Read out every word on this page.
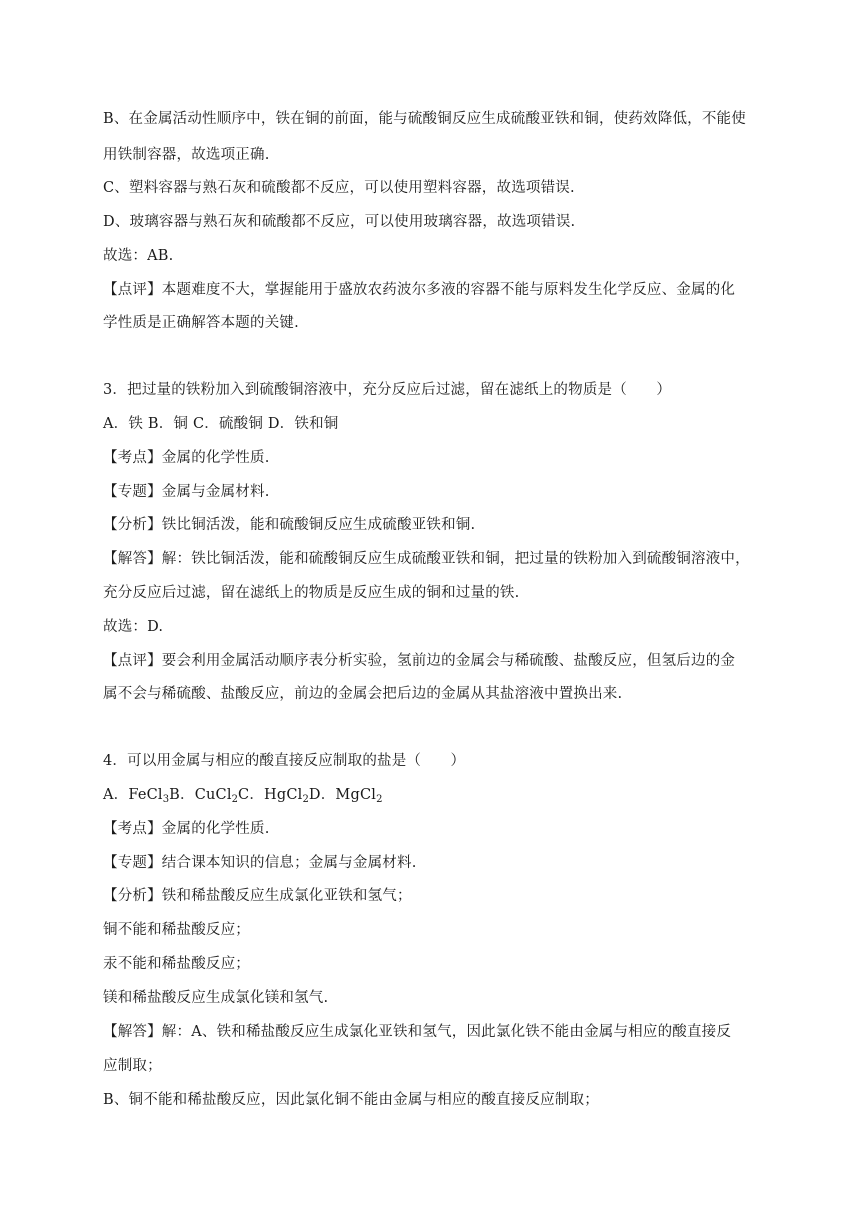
B、在金属活动性顺序中，铁在铜的前面，能与硫酸铜反应生成硫酸亚铁和铜，使药效降低，不能使
用铁制容器，故选项正确.
C、塑料容器与熟石灰和硫酸都不反应，可以使用塑料容器，故选项错误.
D、玻璃容器与熟石灰和硫酸都不反应，可以使用玻璃容器，故选项错误.
故选：AB.
【点评】本题难度不大，掌握能用于盛放农药波尔多液的容器不能与原料发生化学反应、金属的化
学性质是正确解答本题的关键.
3．把过量的铁粉加入到硫酸铜溶液中，充分反应后过滤，留在滤纸上的物质是（　　）
A．铁 B．铜 C．硫酸铜 D．铁和铜
【考点】金属的化学性质.
【专题】金属与金属材料.
【分析】铁比铜活泼，能和硫酸铜反应生成硫酸亚铁和铜.
【解答】解：铁比铜活泼，能和硫酸铜反应生成硫酸亚铁和铜，把过量的铁粉加入到硫酸铜溶液中，
充分反应后过滤，留在滤纸上的物质是反应生成的铜和过量的铁.
故选：D.
【点评】要会利用金属活动顺序表分析实验，氢前边的金属会与稀硫酸、盐酸反应，但氢后边的金
属不会与稀硫酸、盐酸反应，前边的金属会把后边的金属从其盐溶液中置换出来.
4．可以用金属与相应的酸直接反应制取的盐是（　　）
A．FeCl$_3$B．CuCl$_2$C．HgCl$_2$D．MgCl$_2$
【考点】金属的化学性质.
【专题】结合课本知识的信息；金属与金属材料.
【分析】铁和稀盐酸反应生成氯化亚铁和氢气；
铜不能和稀盐酸反应；
汞不能和稀盐酸反应；
镁和稀盐酸反应生成氯化镁和氢气.
【解答】解：A、铁和稀盐酸反应生成氯化亚铁和氢气，因此氯化铁不能由金属与相应的酸直接反
应制取；
B、铜不能和稀盐酸反应，因此氯化铜不能由金属与相应的酸直接反应制取；
